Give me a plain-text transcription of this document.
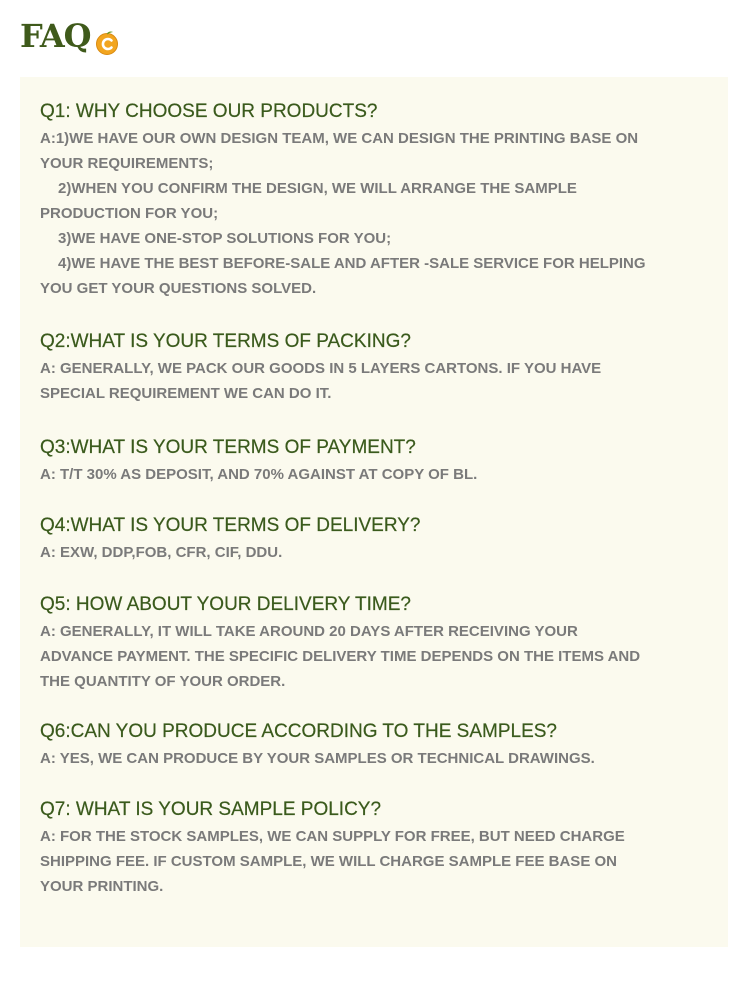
FAQ
Q1: WHY CHOOSE OUR PRODUCTS?
A:1)WE HAVE OUR OWN DESIGN TEAM, WE CAN DESIGN THE PRINTING BASE ON
YOUR REQUIREMENTS;
2)WHEN YOU CONFIRM THE DESIGN, WE WILL ARRANGE THE SAMPLE
PRODUCTION FOR YOU;
3)WE HAVE ONE-STOP SOLUTIONS FOR YOU;
4)WE HAVE THE BEST BEFORE-SALE AND AFTER -SALE SERVICE FOR HELPING
YOU GET YOUR QUESTIONS SOLVED.
Q2:WHAT IS YOUR TERMS OF PACKING?
A: GENERALLY, WE PACK OUR GOODS IN 5 LAYERS CARTONS. IF YOU HAVE
SPECIAL REQUIREMENT WE CAN DO IT.
Q3:WHAT IS YOUR TERMS OF PAYMENT?
A: T/T 30% AS DEPOSIT, AND 70% AGAINST AT COPY OF BL.
Q4:WHAT IS YOUR TERMS OF DELIVERY?
A: EXW, DDP,FOB, CFR, CIF, DDU.
Q5: HOW ABOUT YOUR DELIVERY TIME?
A: GENERALLY, IT WILL TAKE AROUND 20 DAYS AFTER RECEIVING YOUR
ADVANCE PAYMENT. THE SPECIFIC DELIVERY TIME DEPENDS ON THE ITEMS AND
THE QUANTITY OF YOUR ORDER.
Q6:CAN YOU PRODUCE ACCORDING TO THE SAMPLES?
A: YES, WE CAN PRODUCE BY YOUR SAMPLES OR TECHNICAL DRAWINGS.
Q7: WHAT IS YOUR SAMPLE POLICY?
A: FOR THE STOCK SAMPLES, WE CAN SUPPLY FOR FREE, BUT NEED CHARGE
SHIPPING FEE. IF CUSTOM SAMPLE, WE WILL CHARGE SAMPLE FEE BASE ON
YOUR PRINTING.
